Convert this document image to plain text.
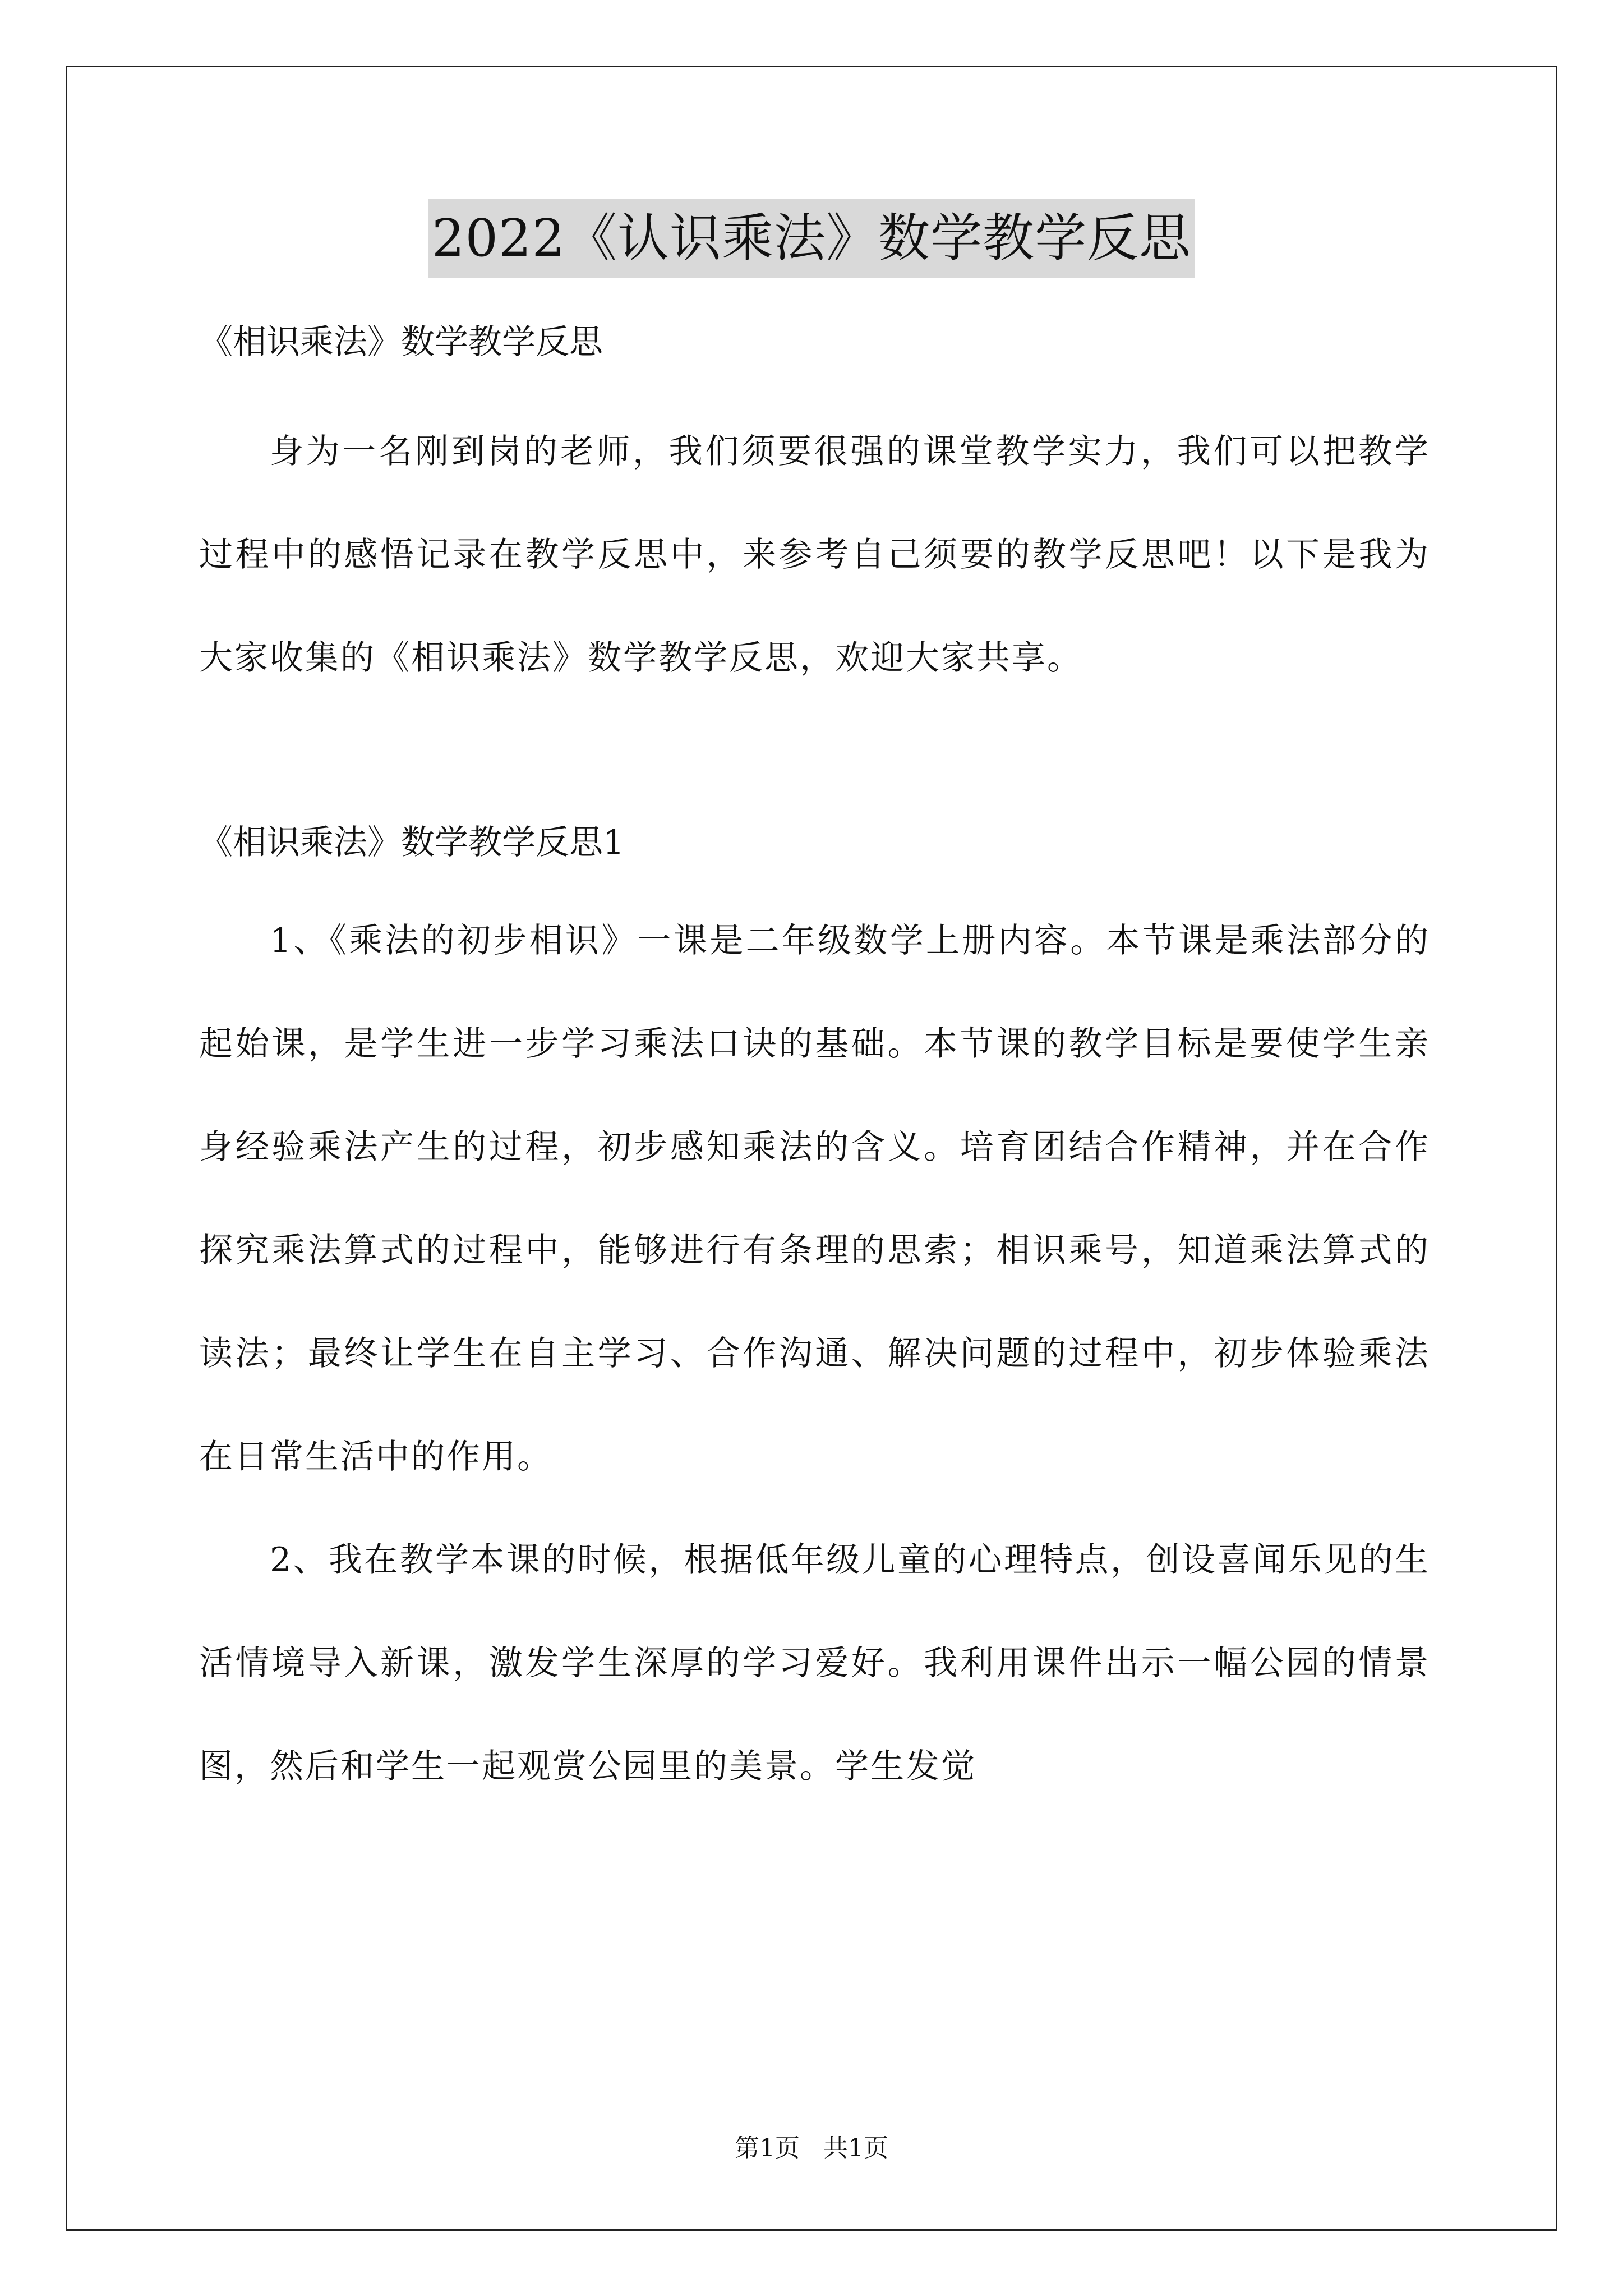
2022《认识乘法》数学教学反思

《相识乘法》数学教学反思

身为一名刚到岗的老师，我们须要很强的课堂教学实力，我们可以把教学过程中的感悟记录在教学反思中，来参考自己须要的教学反思吧！以下是我为大家收集的《相识乘法》数学教学反思，欢迎大家共享。

《相识乘法》数学教学反思1

1、《乘法的初步相识》一课是二年级数学上册内容。本节课是乘法部分的起始课，是学生进一步学习乘法口诀的基础。本节课的教学目标是要使学生亲身经验乘法产生的过程，初步感知乘法的含义。培育团结合作精神，并在合作探究乘法算式的过程中，能够进行有条理的思索；相识乘号，知道乘法算式的读法；最终让学生在自主学习、合作沟通、解决问题的过程中，初步体验乘法在日常生活中的作用。

2、我在教学本课的时候，根据低年级儿童的心理特点，创设喜闻乐见的生活情境导入新课，激发学生深厚的学习爱好。我利用课件出示一幅公园的情景图，然后和学生一起观赏公园里的美景。学生发觉

第1页   共1页
